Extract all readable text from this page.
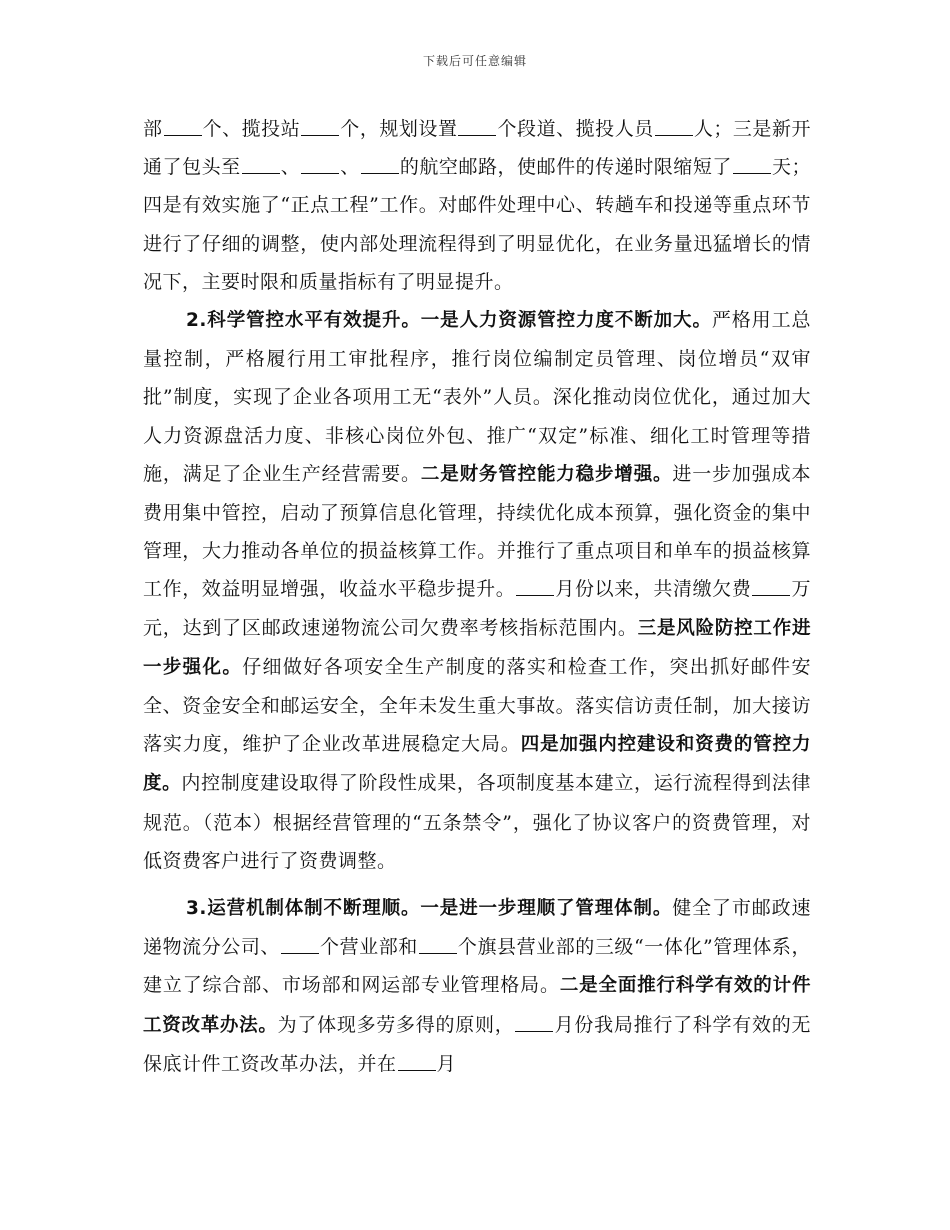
下载后可任意编辑

部 个、揽投站 个，规划设置 个段道、揽投人员 人；三是新开通了包头至 、 、 的航空邮路，使邮件的传递时限缩短了 天；四是有效实施了“正点工程”工作。对邮件处理中心、转趟车和投递等重点环节进行了仔细的调整，使内部处理流程得到了明显优化，在业务量迅猛增长的情况下，主要时限和质量指标有了明显提升。

2.科学管控水平有效提升。一是人力资源管控力度不断加大。严格用工总量控制，严格履行用工审批程序，推行岗位编制定员管理、岗位增员“双审批”制度，实现了企业各项用工无“表外”人员。深化推动岗位优化，通过加大人力资源盘活力度、非核心岗位外包、推广“双定”标准、细化工时管理等措施，满足了企业生产经营需要。二是财务管控能力稳步增强。进一步加强成本费用集中管控，启动了预算信息化管理，持续优化成本预算，强化资金的集中管理，大力推动各单位的损益核算工作。并推行了重点项目和单车的损益核算工作，效益明显增强，收益水平稳步提升。 月份以来，共清缴欠费 万元，达到了区邮政速递物流公司欠费率考核指标范围内。三是风险防控工作进一步强化。仔细做好各项安全生产制度的落实和检查工作，突出抓好邮件安全、资金安全和邮运安全，全年未发生重大事故。落实信访责任制，加大接访落实力度，维护了企业改革进展稳定大局。四是加强内控建设和资费的管控力度。内控制度建设取得了阶段性成果，各项制度基本建立，运行流程得到法律规范。（范本）根据经营管理的“五条禁令”，强化了协议客户的资费管理，对低资费客户进行了资费调整。

3.运营机制体制不断理顺。一是进一步理顺了管理体制。健全了市邮政速递物流分公司、 个营业部和 个旗县营业部的三级“一体化”管理体系，建立了综合部、市场部和网运部专业管理格局。二是全面推行科学有效的计件工资改革办法。为了体现多劳多得的原则， 月份我局推行了科学有效的无保底计件工资改革办法，并在 月
